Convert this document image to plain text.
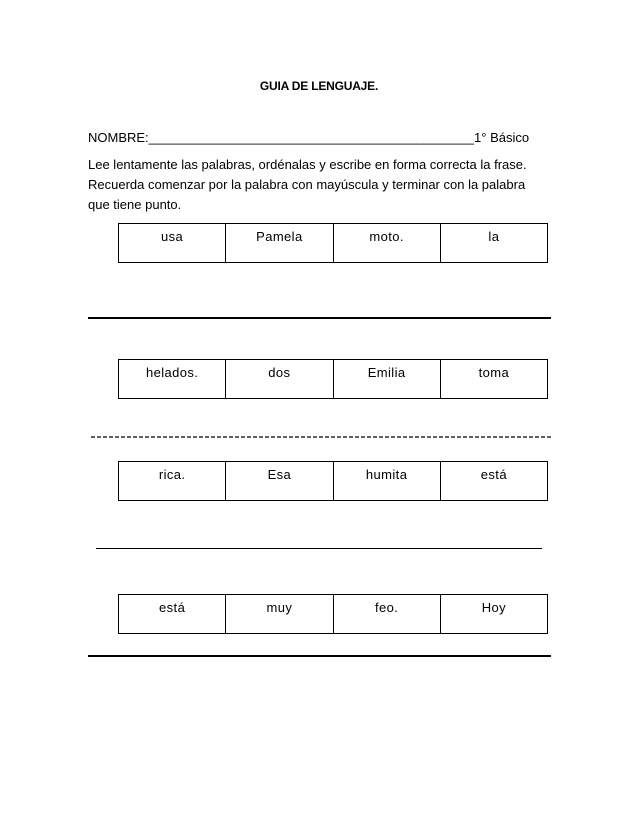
GUIA DE LENGUAJE.
NOMBRE:_____________________________________________1° Básico

Lee lentamente las palabras, ordénalas y escribe en forma correcta la frase.

Recuerda comenzar por la palabra con mayúscula y terminar con la palabra

que tiene punto.

usa	Pamela	moto.	la
helados.	dos	Emilia	toma
rica.	Esa	humita	está
está	muy	feo.	Hoy
